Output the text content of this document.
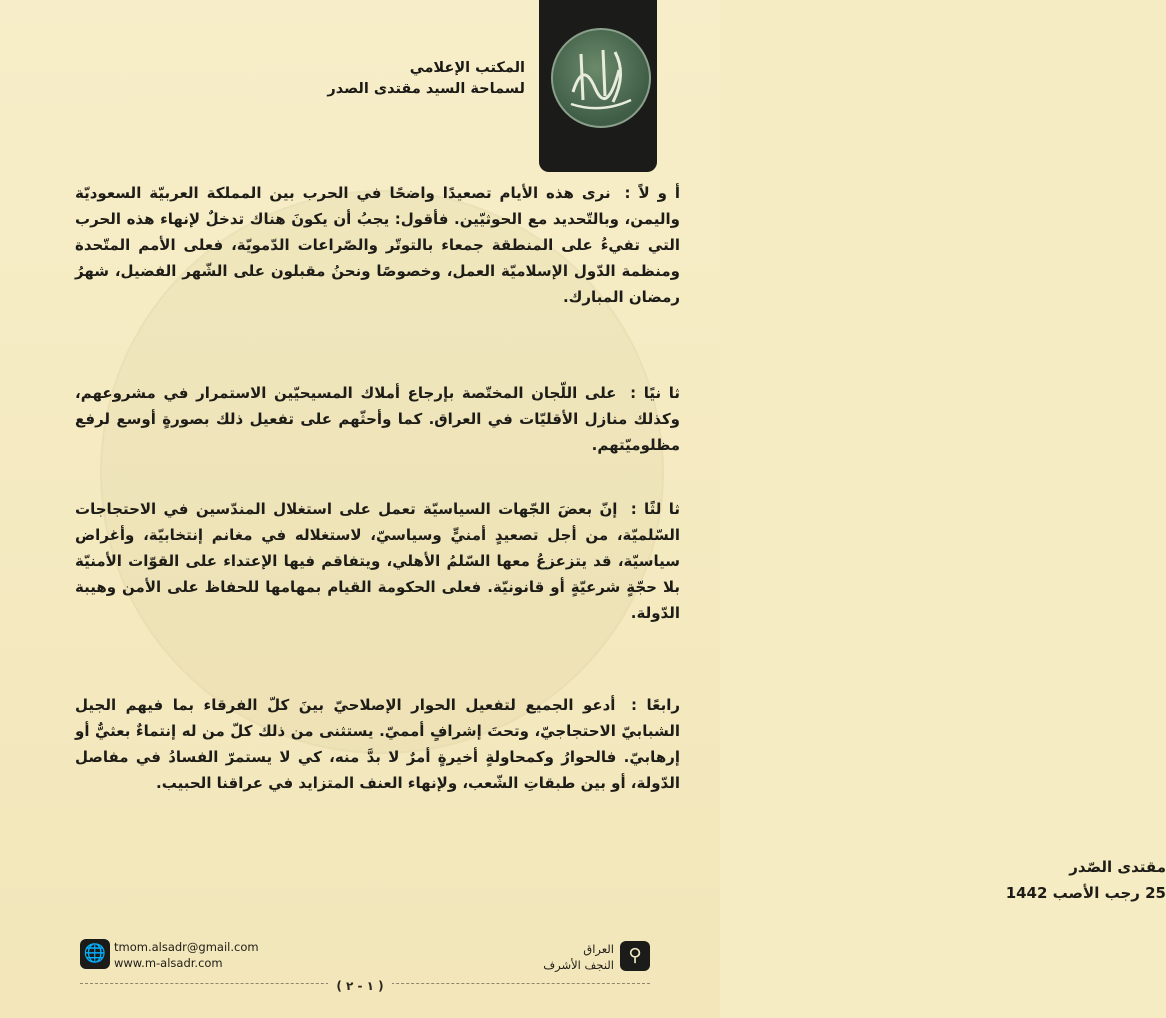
المكتب الإعلامي
لسماحة السيد مقتدى الصدر
أ و لاً : نرى هذه الأيام تصعيدًا واضحًا في الحرب بين المملكة العربيّة السعوديّة واليمن، وبالتّحديد مع الحوثيّين. فأقول: يجبُ أن يكونَ هناك تدخلٌ لإنهاء هذه الحرب التي تفيءُ على المنطقة جمعاء بالتوتّر والصّراعات الدّمويّة، فعلى الأمم المتّحدة ومنظمة الدّول الإسلاميّة العمل، وخصوصًا ونحنُ مقبلون على الشّهر الفضيل، شهرُ رمضان المبارك.
ثا نيًا : على اللّجان المختّصة بإرجاع أملاك المسيحيّين الاستمرار في مشروعهم، وكذلك منازل الأقليّات في العراق. كما وأحثّهم على تفعيل ذلك بصورةٍ أوسع لرفع مظلوميّتهم.
ثا لثًا : إنّ بعضَ الجّهات السياسيّة تعمل على استغلال المندّسين في الاحتجاجات السّلميّة، من أجل تصعيدٍ أمنيٍّ وسياسيّ، لاستغلاله في مغانم إنتخابيّة، وأغراض سياسيّة، قد يتزعزعُ معها السّلمُ الأهلي، ويتفاقم فيها الإعتداء على القوّات الأمنيّة بلا حجّةٍ شرعيّةٍ أو قانونيّة. فعلى الحكومة القيام بمهامها للحفاظ على الأمن وهيبة الدّولة.
رابعًا : أدعو الجميع لتفعيل الحوار الإصلاحيّ بينَ كلّ الفرقاء بما فيهم الجيل الشبابيّ الاحتجاجيّ، وتحتَ إشرافٍ أمميّ. يستثنى من ذلك كلّ من له إنتماءٌ بعثيٌّ أو إرهابيّ. فالحوارُ وكمحاولةٍ أخيرةٍ أمرٌ لا بدَّ منه، كي لا يستمرّ الفسادُ في مفاصل الدّولة، أو بين طبقاتِ الشّعب، ولإنهاء العنف المتزايد في عراقنا الحبيب.
مقتدى الصّدر
25 رجب الأصب 1442
🌐 tmom.alsadr@gmail.com
www.m-alsadr.com	⚲
العراق
النجف الأشرف
( ١ - ٢ )
